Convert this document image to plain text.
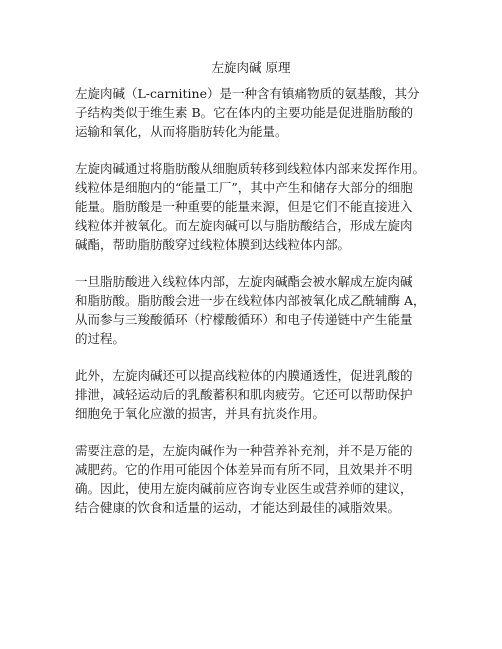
左旋肉碱 原理
左旋肉碱（L-carnitine）是一种含有镇痛物质的氨基酸，其分
子结构类似于维生素 B。它在体内的主要功能是促进脂肪酸的
运输和氧化，从而将脂肪转化为能量。
左旋肉碱通过将脂肪酸从细胞质转移到线粒体内部来发挥作用。
线粒体是细胞内的“能量工厂”，其中产生和储存大部分的细胞
能量。脂肪酸是一种重要的能量来源，但是它们不能直接进入
线粒体并被氧化。而左旋肉碱可以与脂肪酸结合，形成左旋肉
碱酯，帮助脂肪酸穿过线粒体膜到达线粒体内部。
一旦脂肪酸进入线粒体内部，左旋肉碱酯会被水解成左旋肉碱
和脂肪酸。脂肪酸会进一步在线粒体内部被氧化成乙酰辅酶 A，
从而参与三羧酸循环（柠檬酸循环）和电子传递链中产生能量
的过程。
此外，左旋肉碱还可以提高线粒体的内膜通透性，促进乳酸的
排泄，减轻运动后的乳酸蓄积和肌肉疲劳。它还可以帮助保护
细胞免于氧化应激的损害，并具有抗炎作用。
需要注意的是，左旋肉碱作为一种营养补充剂，并不是万能的
减肥药。它的作用可能因个体差异而有所不同，且效果并不明
确。因此，使用左旋肉碱前应咨询专业医生或营养师的建议，
结合健康的饮食和适量的运动，才能达到最佳的减脂效果。
